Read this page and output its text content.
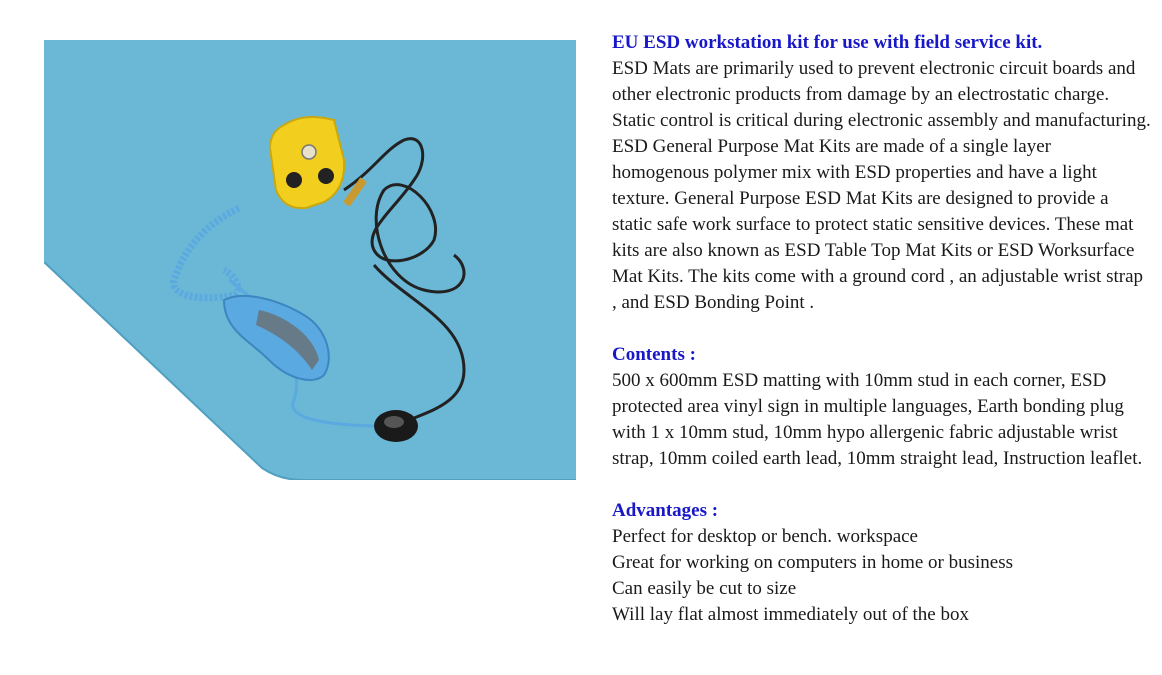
EU ESD workstation kit for use with field service kit.

ESD Mats are primarily used to prevent electronic circuit boards and other electronic products from damage by an electrostatic charge. Static control is critical during electronic assembly and manufacturing. ESD General Purpose Mat Kits are made of a single layer homogenous polymer mix with ESD properties and have a light texture. General Purpose ESD Mat Kits are designed to provide a static safe work surface to protect static sensitive devices. These mat kits are also known as ESD Table Top Mat Kits or ESD Worksurface Mat Kits. The kits come with a ground cord , an adjustable wrist strap , and ESD Bonding Point .

Contents :

500 x 600mm ESD matting with 10mm stud in each corner, ESD protected area vinyl sign in multiple languages, Earth bonding plug with 1 x 10mm stud, 10mm hypo allergenic fabric adjustable wrist strap, 10mm coiled earth lead, 10mm straight lead, Instruction leaflet.

Advantages :

Perfect for desktop or bench. workspace
Great for working on computers in home or business
Can easily be cut to size
Will lay flat almost immediately out of the box
